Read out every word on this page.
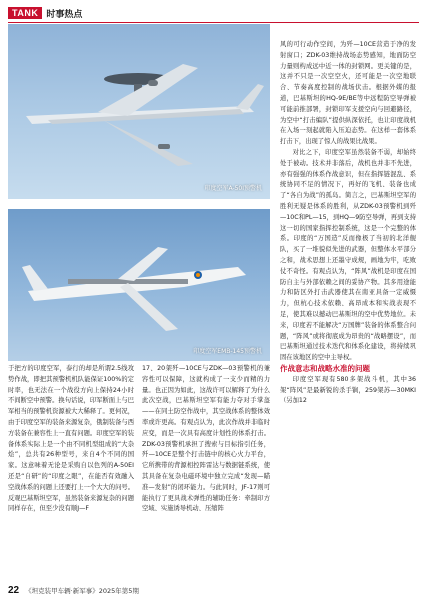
TANK 时事热点
印度空军A-50I预警机
印度空军EMB-145预警机

风的可行动作空间，为歼—10CE营造于净的发射窗口；ZDK-03维持战场态势感知，地面防空力量则构成远中近一体的封锁网。更关键的是，这并不只是一次空空火，还可能是一次空地联合、节奏高度控制的战场伏击。根据外媒的报道，巴基斯坦的HQ-9E/BE等中远程防空导弹被可能前推部署，封锁印军支援空向与回避路径，为空中“打击编队”提供纵深依托，也让印度战机在入场一刻起就陷入压迫态势。在这样一套体系打击下，出现了惊人的战果比战果。

对比之下，印度空军虽然装备不弱，却始终处于被动。技术并非落后，战机也并非不先进，亦有强强的体系作战意识，但在指挥链混乱、系统协同不足的情况下，再好的飞机、装备也成了“各自为战”的孤岛。简言之，巴基斯坦空军的胜利无疑是体系的胜利，从ZDK-03预警机到歼—10C和PL—15，到HQ—9防空导弹，再到支持这一切的国家指挥控制系统，这是一个完整的体系。印度的“万国造”反而像极了当初的北洋舰队，买了一堆貌似先进的武器，但整体水平部分之和，战术思想上还墨守成规，画地为牢，吃败仗不奇怪。有观点认为，“阵风”战机是印度在国防自主与外部依赖之间的妥协产物。其多用途能力和防区外打击武器使其在南亚具备一定威慑力，但杭心技术依赖、高昂成本和实战表现不足，使其难以撼动巴基斯坦的空中优势地位。未来，印度若不能解决“万国牌”装备的体系整合问题，“阵风”或将彻底成为昂贵的“战略摆设”，而巴基斯坦通过技术迭代和体系化建设，将持续巩固在该地区的空中主导权。

作战意志和战略水准的问题

印度空军现有580多架战斗机，其中36架“阵风”是最新锐的杀手锏，259架苏—30MKI（另加12

于把方的印度空军，泰行的却是所谓2.5线攻势作战，即把其预警机机队能保证100%的定时率，也无法在一个战役方向上保持24小时不间断空中预警。换句话说，印军断面上与巴军相当的预警机资源被大大稀释了。更何况，由于印度空军的装备来源复杂，俄制装备与西方装备在兼容性上一直有问题。印度空军的装备体系实际上是一个由不同机型组成的“大杂烩”，总共有26种型号，来自4个不同的国家。这意味着无论是采购自以色列的A-50EI还是“自研”的“印度之眼”，在能否有效融入空战体系的问题上还要打上一个大大的问号。反观巴基斯坦空军，虽然装备来源复杂的问题同样存在，但至少没有顺J—F

17、20架歼—10CE与ZDK—03预警机的兼容性可以保障，这就构成了一支少而精的力量。也正因为如此，这战许可以解释了为什么此次空战，巴基斯坦空军有能力夺对手掌盔——在同土防空作战中，其空战体系的整体效率或许更高。有观点认为，此次作战并非临时应变，而是一次具有高度计划性的体系打击。ZDK-03预警机承担了搜索与目标指引任务，歼—10CE是整个打击链中的核心火力平台，它所携带的背源相控阵雷达与数据链系统，使其具备在复杂电磁环境中独立完成“发现—瞄准—发射”的闭环能力。与此同时，JF-17则可能执行了更具战术弹性的辅助任务：牵制印方空域、实施诱导机动、压缩阵

22 《坦克装甲车辆·新军事》2025年第5期
